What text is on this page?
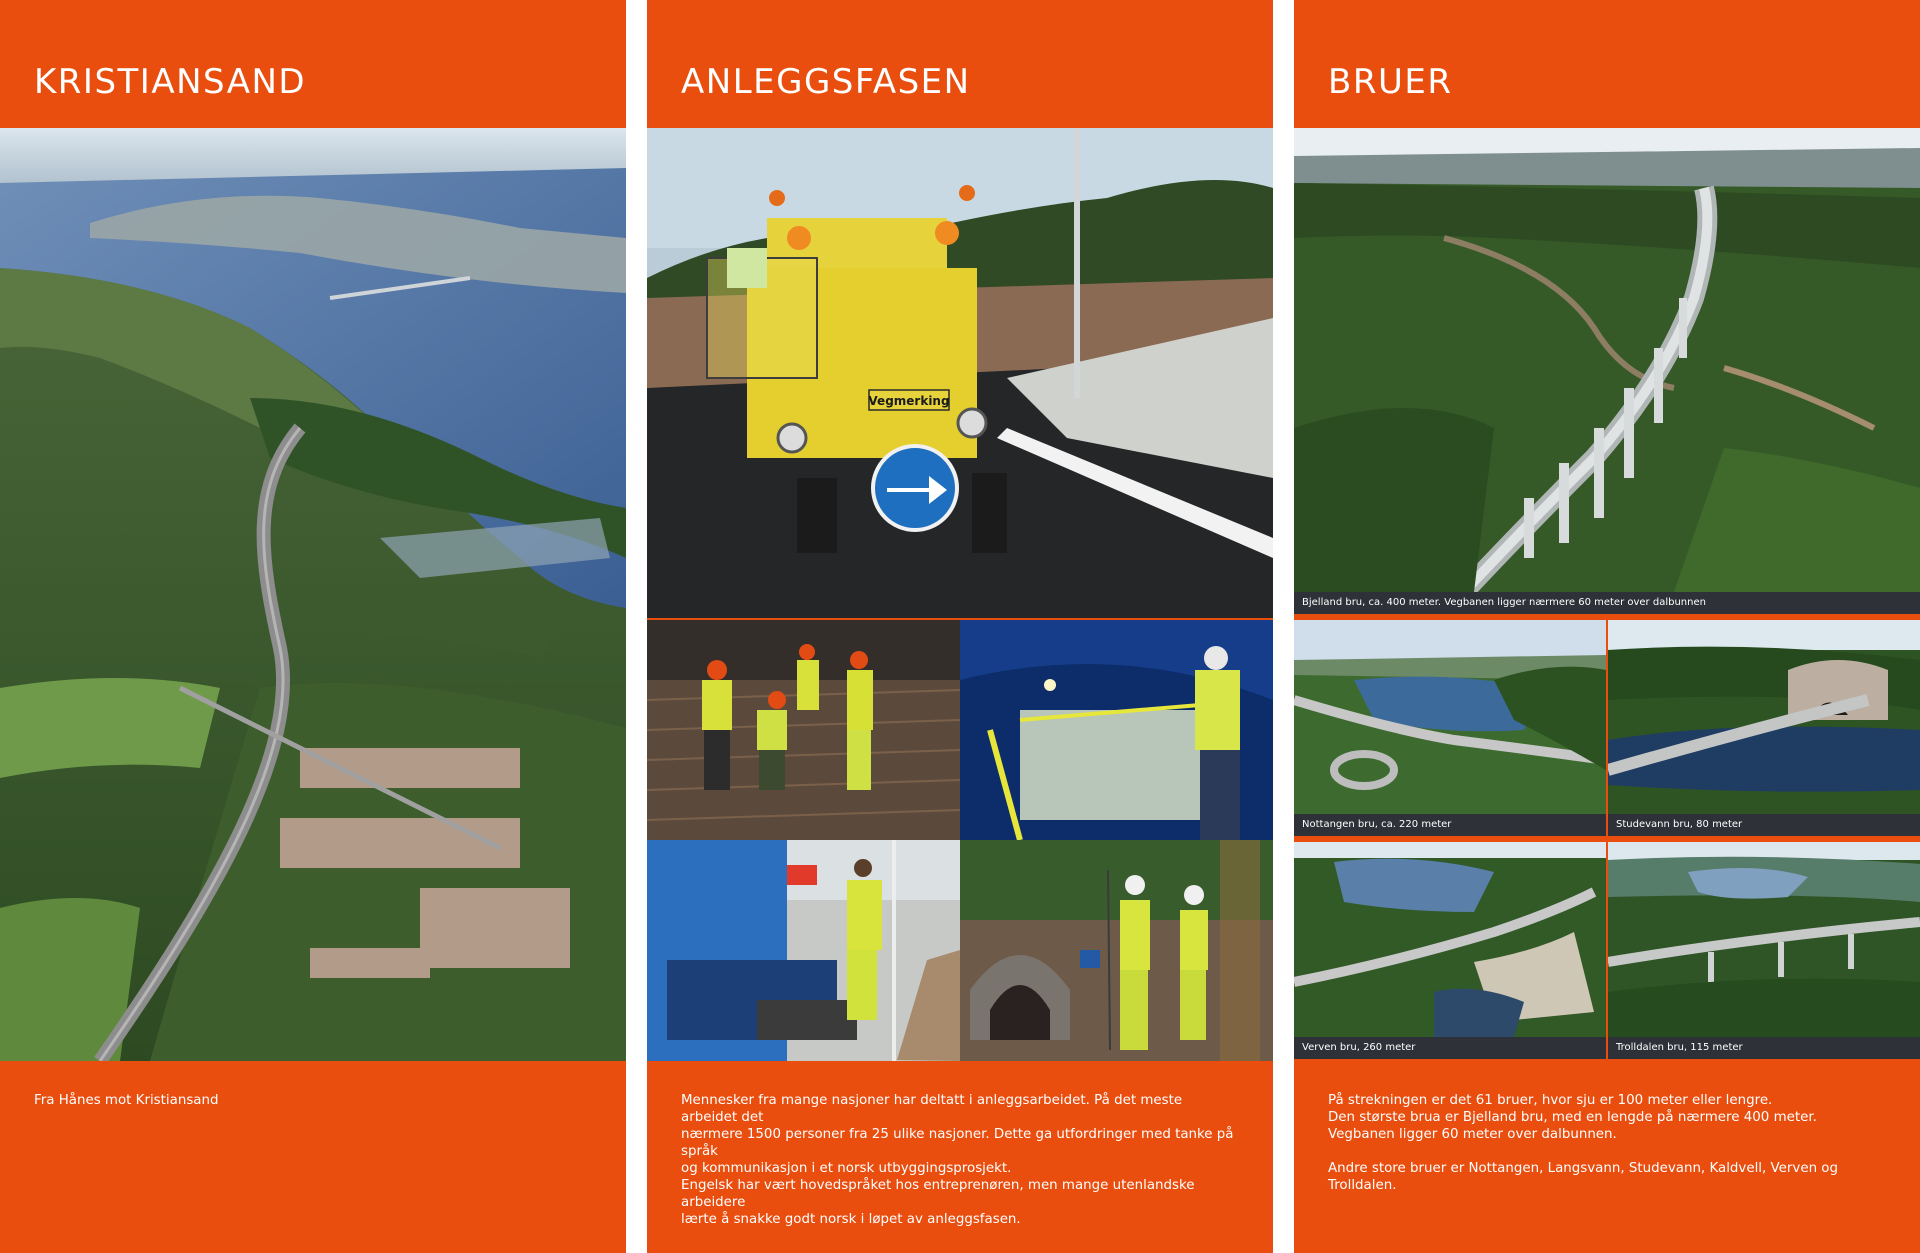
KRISTIANSAND

Fra Hånes mot Kristiansand

ANLEGGSFASEN
Vegmerking

Mennesker fra mange nasjoner har deltatt i anleggsarbeidet. På det meste arbeidet det

nærmere 1500 personer fra 25 ulike nasjoner. Dette ga utfordringer med tanke på språk

og kommunikasjon i et norsk utbyggingsprosjekt.

Engelsk har vært hovedspråket hos entreprenøren, men mange utenlandske arbeidere

lærte å snakke godt norsk i løpet av anleggsfasen.

BRUER
Bjelland bru, ca. 400 meter. Vegbanen ligger nærmere 60 meter over dalbunnen
Nottangen bru, ca. 220 meter	Studevann bru, 80 meter
Verven bru, 260 meter	Trolldalen bru, 115 meter

På strekningen er det 61 bruer, hvor sju er 100 meter eller lengre.

Den største brua er Bjelland bru, med en lengde på nærmere 400 meter.

Vegbanen ligger 60 meter over dalbunnen.

Andre store bruer er Nottangen, Langsvann, Studevann, Kaldvell, Verven og Trolldalen.
